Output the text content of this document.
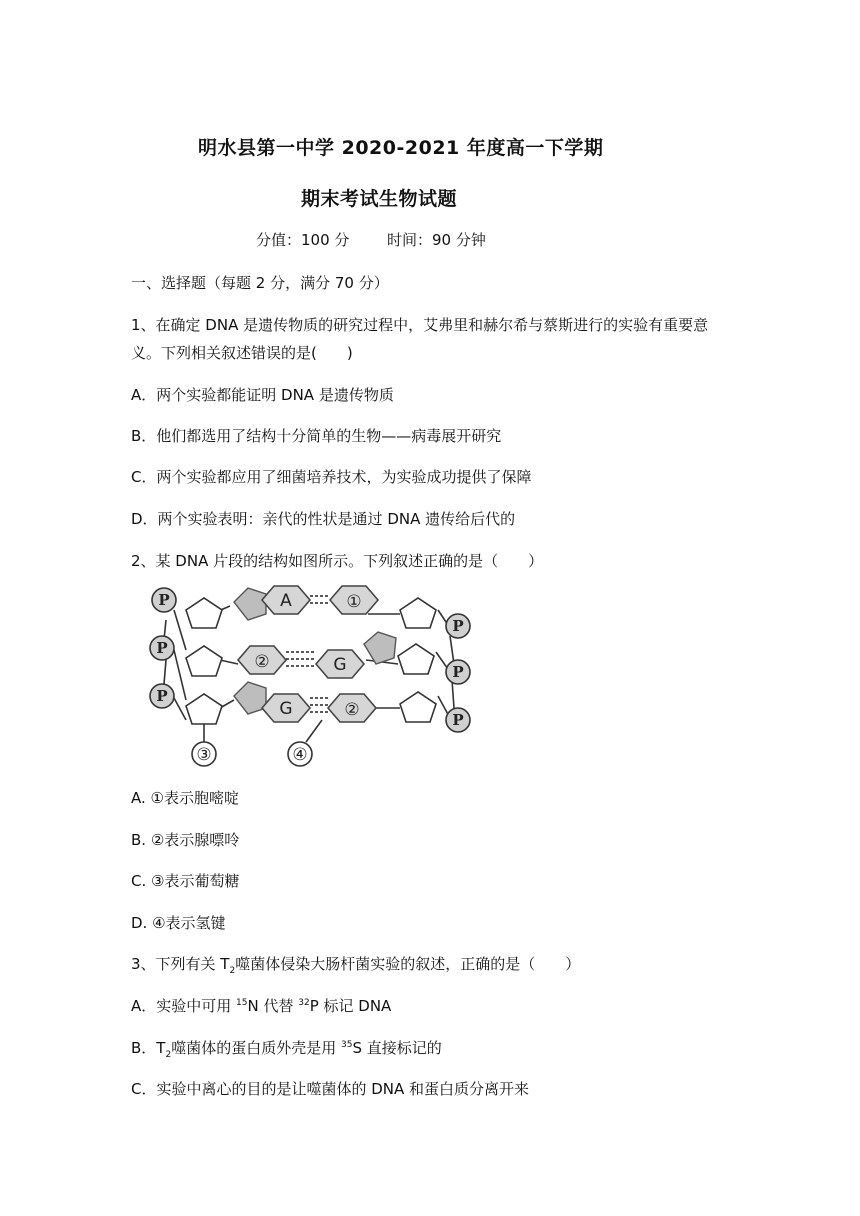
明水县第一中学 2020-2021 年度高一下学期
期末考试生物试题
分值：100 分	时间：90 分钟
一、选择题（每题 2 分，满分 70 分）
1、在确定 DNA 是遗传物质的研究过程中，艾弗里和赫尔希与蔡斯进行的实验有重要意
义。下列相关叙述错误的是(　　)
A．两个实验都能证明 DNA 是遗传物质
B．他们都选用了结构十分简单的生物——病毒展开研究
C．两个实验都应用了细菌培养技术，为实验成功提供了保障
D．两个实验表明：亲代的性状是通过 DNA 遗传给后代的
2、某 DNA 片段的结构如图所示。下列叙述正确的是（　　）
P
P
P
P
P
P
A	①
②	G
G	②
③	④
A. ①表示胞嘧啶
B. ②表示腺嘌呤
C. ③表示葡萄糖
D. ④表示氢键
3、下列有关 $T_2$噬菌体侵染大肠杆菌实验的叙述，正确的是（　　）
A．实验中可用 $^{15}$N 代替 $^{32}$P 标记 DNA
B．$T_2$噬菌体的蛋白质外壳是用 $^{35}$S 直接标记的
C．实验中离心的目的是让噬菌体的 DNA 和蛋白质分离开来
